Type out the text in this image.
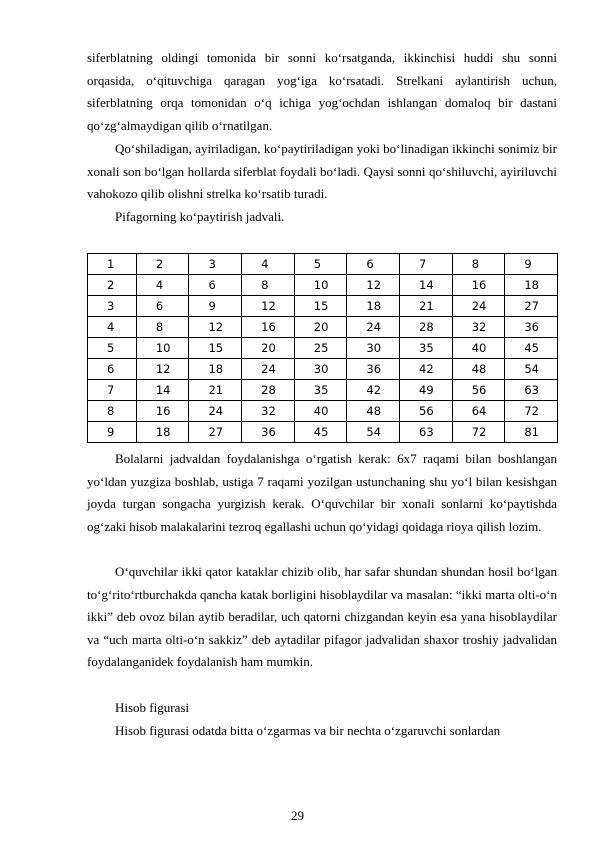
siferblatning oldingi tomonida bir sonni ko‘rsatganda, ikkinchisi huddi shu sonni orqasida, o‘qituvchiga qaragan yog‘iga ko‘rsatadi. Strelkani aylantirish uchun, siferblatning orqa tomonidan o‘q ichiga yog‘ochdan ishlangan domaloq bir dastani qo‘zg‘almaydigan qilib o‘rnatilgan.

Qo‘shiladigan, ayiriladigan, ko‘paytiriladigan yoki bo‘linadigan ikkinchi sonimiz bir xonali son bo‘lgan hollarda siferblat foydali bo‘ladi. Qaysi sonni qo‘shiluvchi, ayiriluvchi vahokozo qilib olishni strelka ko‘rsatib turadi.

Pifagorning ko‘paytirish jadvali.

1	2	3	4	5	6	7	8	9
2	4	6	8	10	12	14	16	18
3	6	9	12	15	18	21	24	27
4	8	12	16	20	24	28	32	36
5	10	15	20	25	30	35	40	45
6	12	18	24	30	36	42	48	54
7	14	21	28	35	42	49	56	63
8	16	24	32	40	48	56	64	72
9	18	27	36	45	54	63	72	81

Bolalarni jadvaldan foydalanishga o‘rgatish kerak: 6x7 raqami bilan boshlangan yo‘ldan yuzgiza boshlab, ustiga 7 raqami yozilgan ustunchaning shu yo‘l bilan kesishgan joyda turgan songacha yurgizish kerak. O‘quvchilar bir xonali sonlarni ko‘paytishda og‘zaki hisob malakalarini tezroq egallashi uchun qo‘yidagi qoidaga rioya qilish lozim.

O‘quvchilar ikki qator kataklar chizib olib, har safar shundan shundan hosil bo‘lgan to‘g‘rito‘rtburchakda qancha katak borligini hisoblaydilar va masalan: “ikki marta olti-o‘n ikki” deb ovoz bilan aytib beradilar, uch qatorni chizgandan keyin esa yana hisoblaydilar va “uch marta olti-o‘n sakkiz” deb aytadilar pifagor jadvalidan shaxor troshiy jadvalidan foydalanganidek foydalanish ham mumkin.

Hisob figurasi

Hisob figurasi odatda bitta o‘zgarmas va bir nechta o‘zgaruvchi sonlardan

29
